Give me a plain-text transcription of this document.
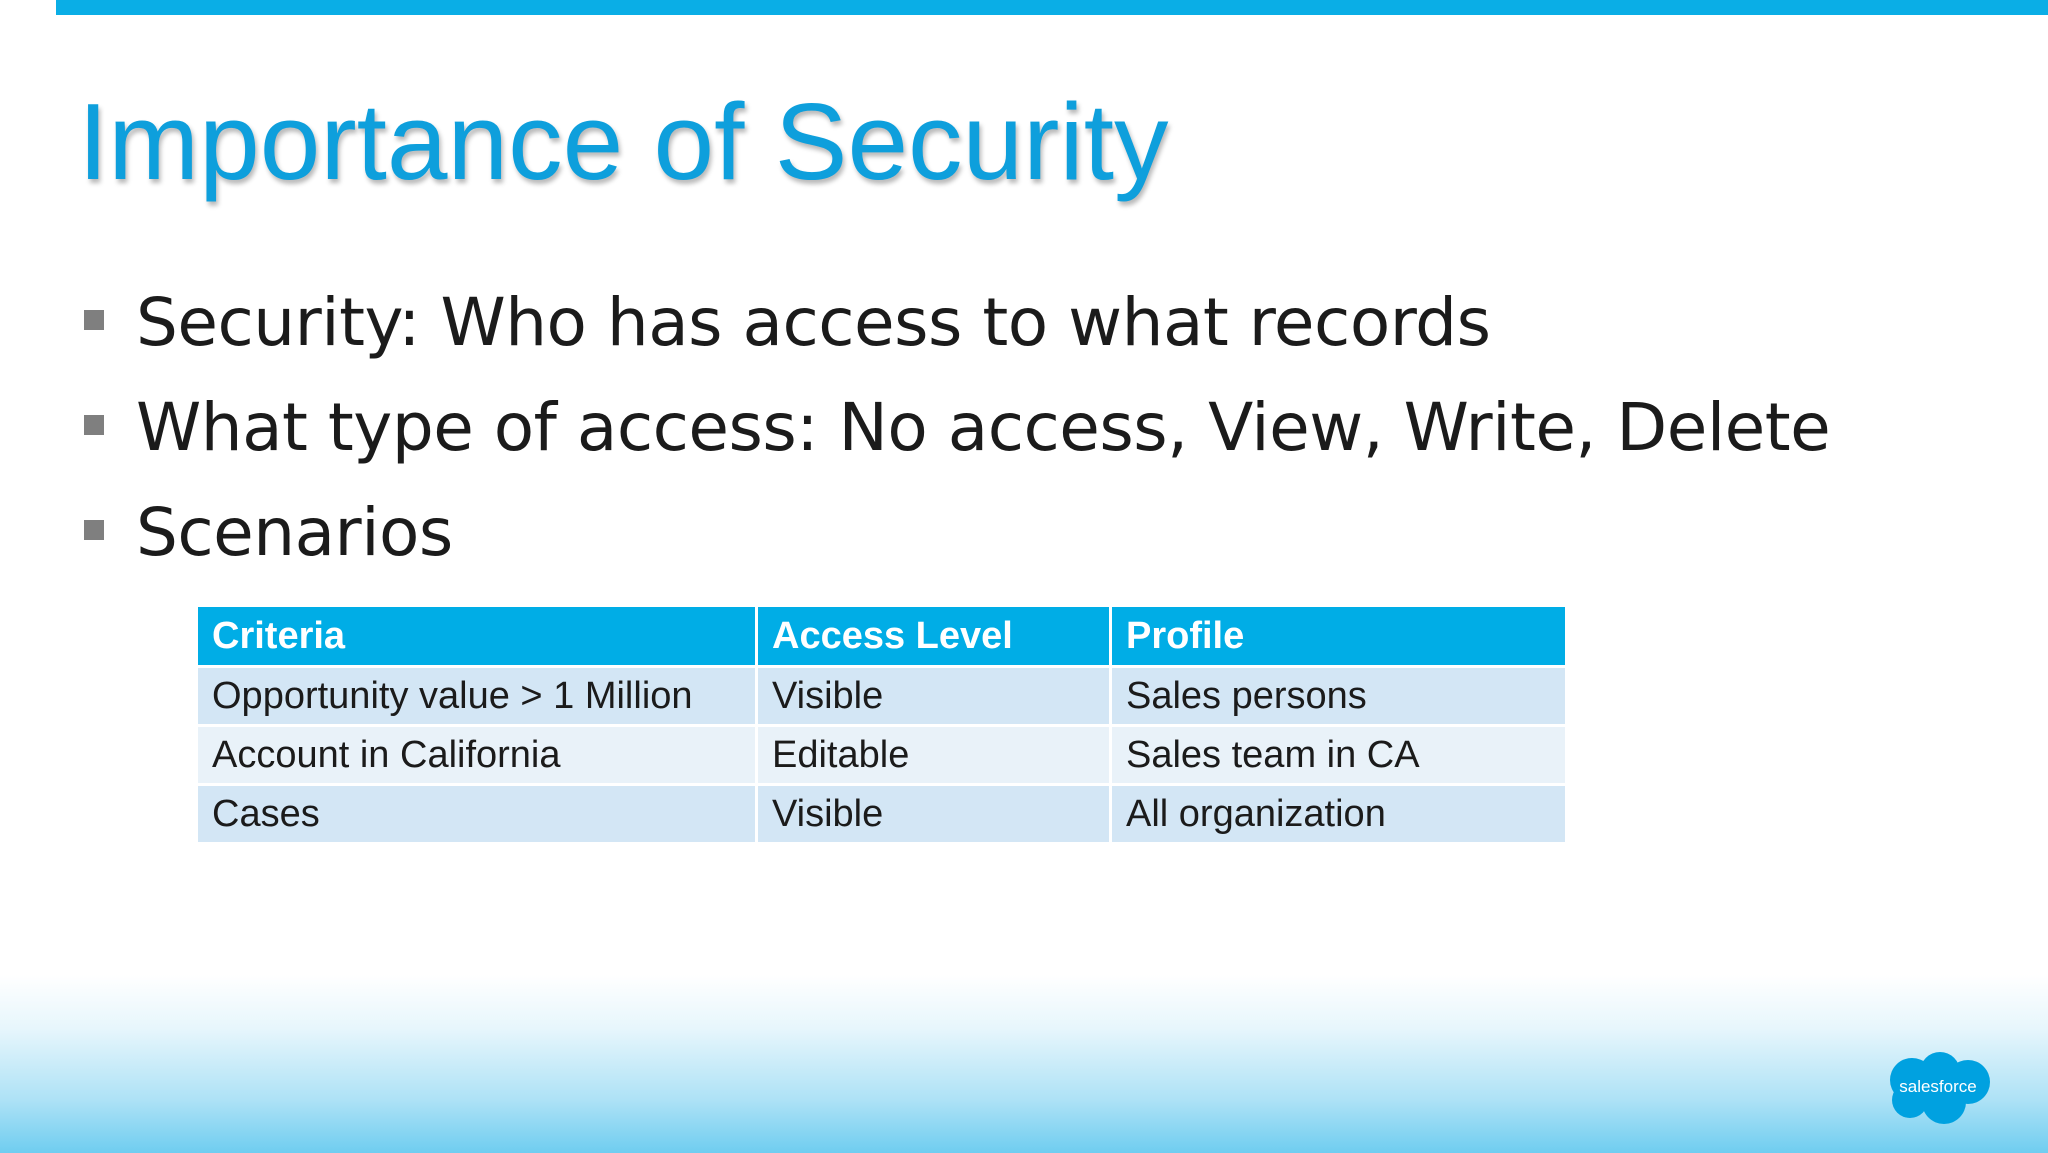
Importance of Security
Security: Who has access to what records
What type of access: No access, View, Write, Delete
Scenarios
Criteria	Access Level	Profile
Opportunity value > 1 Million	Visible	Sales persons
Account in California	Editable	Sales team in CA
Cases	Visible	All organization
salesforce
